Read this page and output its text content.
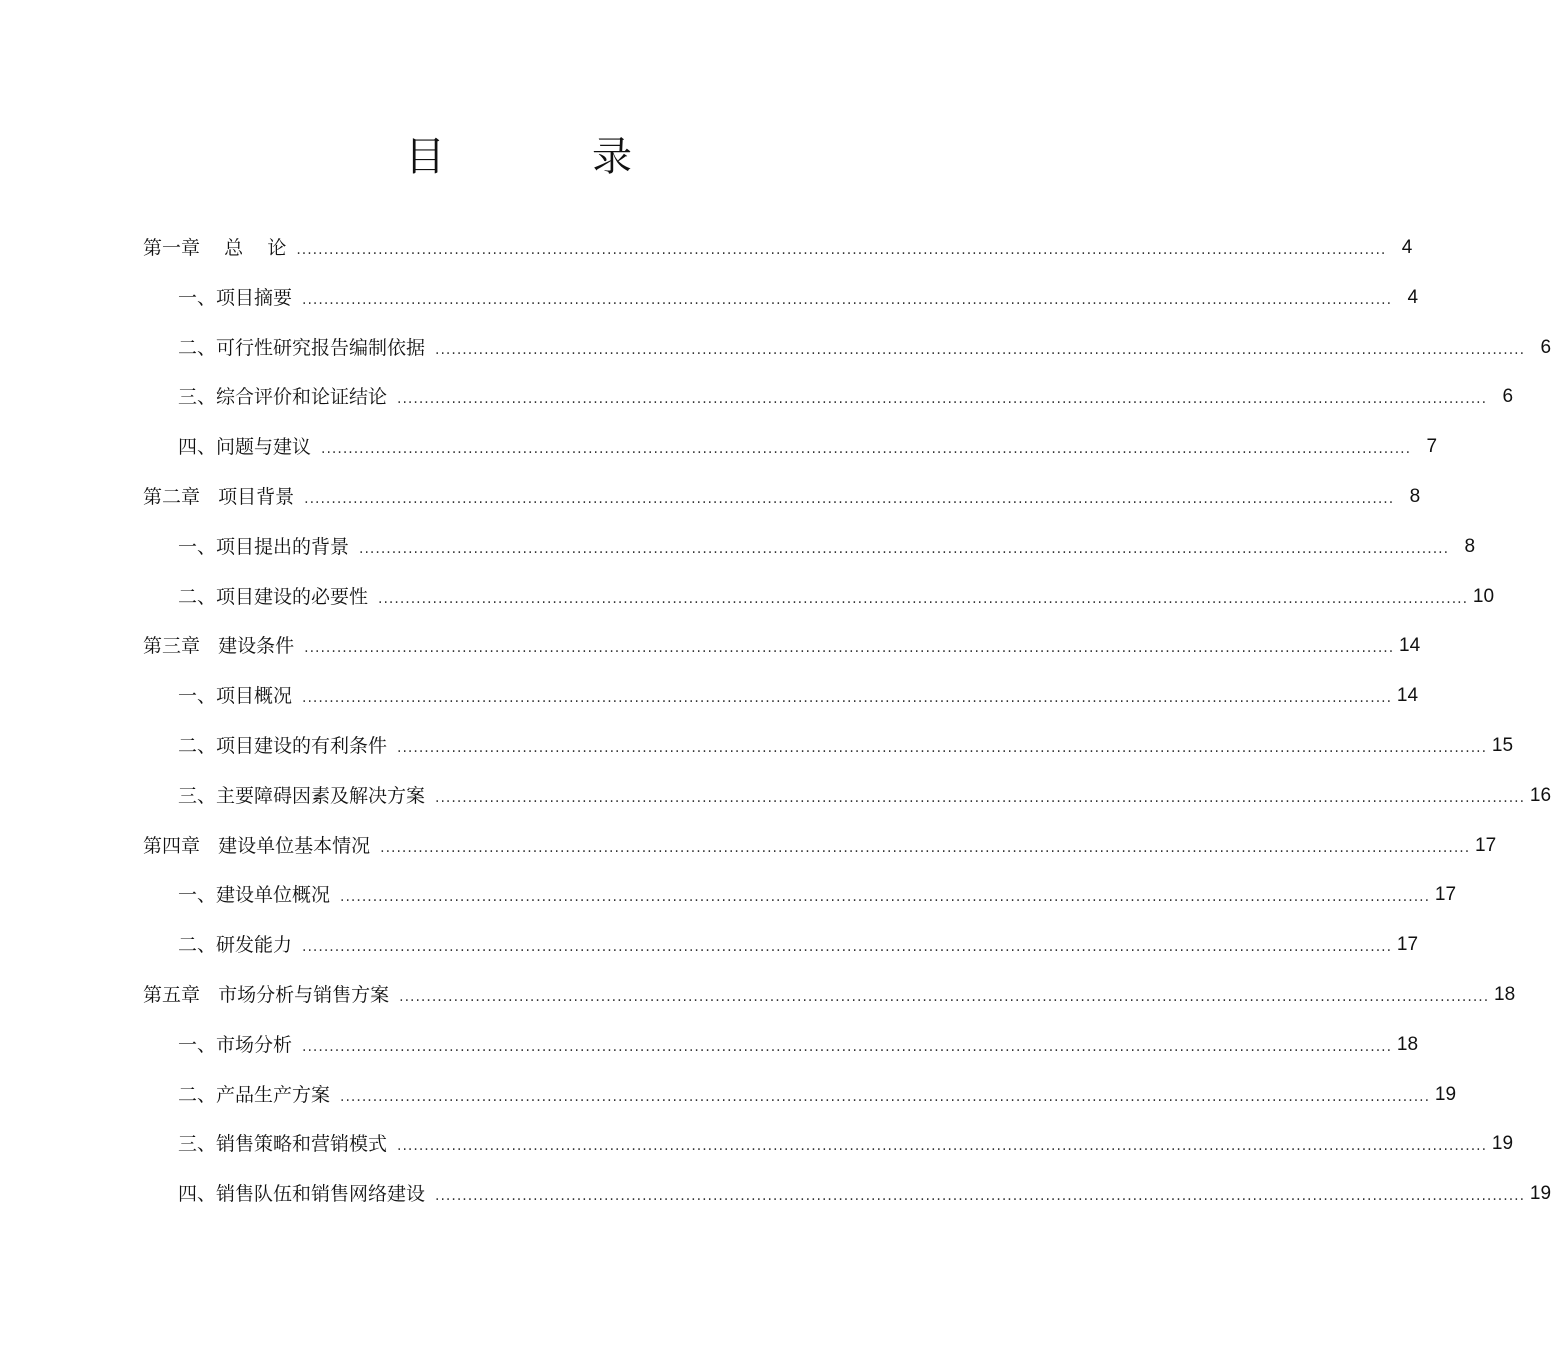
目	录
第一章    总    论 ........................................................................................................................................................................................................ 4
一、项目摘要 ........................................................................................................................................................................................................ 4
二、可行性研究报告编制依据 ........................................................................................................................................................................................................ 6
三、综合评价和论证结论 ........................................................................................................................................................................................................ 6
四、问题与建议 ........................................................................................................................................................................................................ 7
第二章   项目背景 ........................................................................................................................................................................................................ 8
一、项目提出的背景 ........................................................................................................................................................................................................ 8
二、项目建设的必要性 ........................................................................................................................................................................................................ 10
第三章   建设条件 ........................................................................................................................................................................................................ 14
一、项目概况 ........................................................................................................................................................................................................ 14
二、项目建设的有利条件 ........................................................................................................................................................................................................ 15
三、主要障碍因素及解决方案 ........................................................................................................................................................................................................ 16
第四章   建设单位基本情况 ........................................................................................................................................................................................................ 17
一、建设单位概况 ........................................................................................................................................................................................................ 17
二、研发能力 ........................................................................................................................................................................................................ 17
第五章   市场分析与销售方案 ........................................................................................................................................................................................................ 18
一、市场分析 ........................................................................................................................................................................................................ 18
二、产品生产方案 ........................................................................................................................................................................................................ 19
三、销售策略和营销模式 ........................................................................................................................................................................................................ 19
四、销售队伍和销售网络建设 ........................................................................................................................................................................................................ 19
